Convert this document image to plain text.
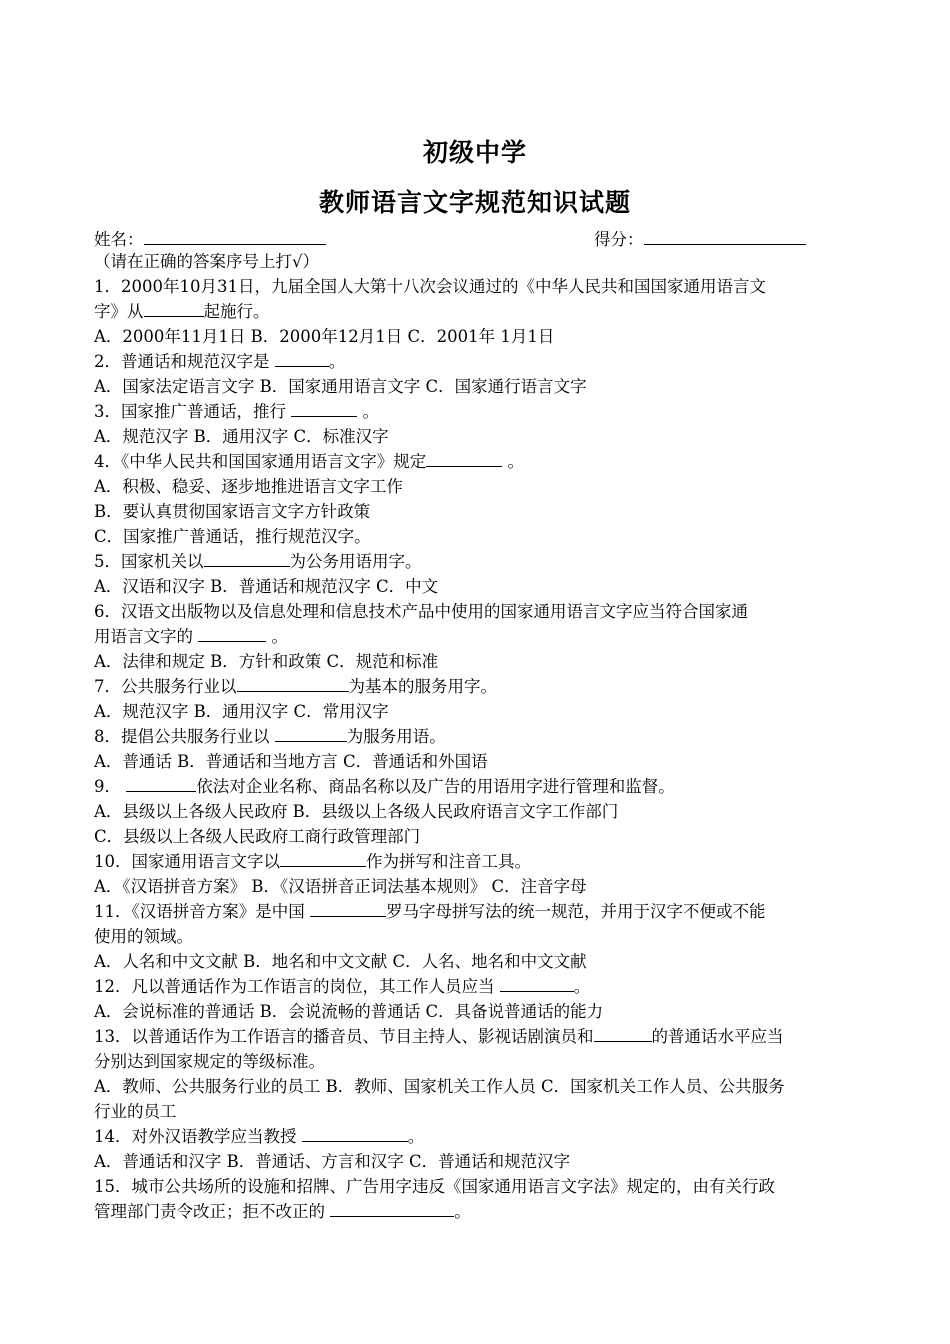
初级中学
教师语言文字规范知识试题
姓名：	得分：
（请在正确的答案序号上打√）
1．2000年10月31日，九届全国人大第十八次会议通过的《中华人民共和国国家通用语言文
字》从	起施行。
A．2000年11月1日 B．2000年12月1日 C．2001年 1月1日
2．普通话和规范汉字是	。
A．国家法定语言文字 B．国家通用语言文字 C．国家通行语言文字
3．国家推广普通话，推行	。
A．规范汉字 B．通用汉字 C．标准汉字
4．《中华人民共和国国家通用语言文字》规定	。
A．积极、稳妥、逐步地推进语言文字工作
B．要认真贯彻国家语言文字方针政策
C．国家推广普通话，推行规范汉字。
5．国家机关以	为公务用语用字。
A．汉语和汉字 B．普通话和规范汉字 C．中文
6．汉语文出版物以及信息处理和信息技术产品中使用的国家通用语言文字应当符合国家通
用语言文字的	。
A．法律和规定 B．方针和政策 C．规范和标准
7．公共服务行业以	为基本的服务用字。
A．规范汉字 B．通用汉字 C．常用汉字
8．提倡公共服务行业以	为服务用语。
A．普通话 B．普通话和当地方言 C．普通话和外国语
9．	依法对企业名称、商品名称以及广告的用语用字进行管理和监督。
A．县级以上各级人民政府 B．县级以上各级人民政府语言文字工作部门
C．县级以上各级人民政府工商行政管理部门
10．国家通用语言文字以	作为拼写和注音工具。
A．《汉语拼音方案》 B．《汉语拼音正词法基本规则》 C．注音字母
11．《汉语拼音方案》是中国	罗马字母拼写法的统一规范，并用于汉字不便或不能
使用的领域。
A．人名和中文文献 B．地名和中文文献 C．人名、地名和中文文献
12．凡以普通话作为工作语言的岗位，其工作人员应当	。
A．会说标准的普通话 B．会说流畅的普通话 C．具备说普通话的能力
13．以普通话作为工作语言的播音员、节目主持人、影视话剧演员和	的普通话水平应当
分别达到国家规定的等级标准。
A．教师、公共服务行业的员工 B．教师、国家机关工作人员 C．国家机关工作人员、公共服务
行业的员工
14．对外汉语教学应当教授	。
A．普通话和汉字 B．普通话、方言和汉字 C．普通话和规范汉字
15．城市公共场所的设施和招牌、广告用字违反《国家通用语言文字法》规定的，由有关行政
管理部门责令改正；拒不改正的	。
